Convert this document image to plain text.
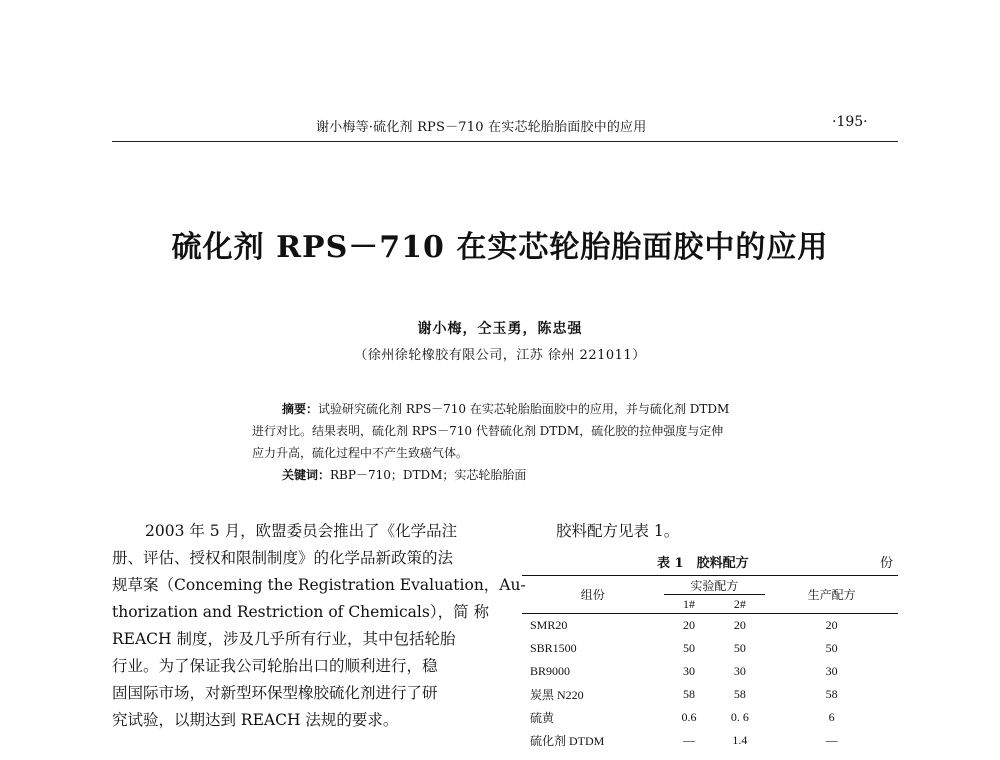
谢小梅等·硫化剂 RPS－710 在实芯轮胎胎面胶中的应用	·195·
硫化剂 RPS－710 在实芯轮胎胎面胶中的应用
谢小梅，仝玉勇，陈忠强
（徐州徐轮橡胶有限公司，江苏 徐州 221011）
摘要：试验研究硫化剂 RPS－710 在实芯轮胎胎面胶中的应用，并与硫化剂 DTDM
进行对比。结果表明，硫化剂 RPS－710 代替硫化剂 DTDM，硫化胶的拉伸强度与定伸
应力升高，硫化过程中不产生致癌气体。
关键词：RBP－710；DTDM；实芯轮胎胎面
2003 年 5 月，欧盟委员会推出了《化学品注
册、评估、授权和限制制度》的化学品新政策的法
规草案（Conceming the Registration Evaluation，Au-
thorization and Restriction of Chemicals），简 称
REACH 制度，涉及几乎所有行业，其中包括轮胎
行业。为了保证我公司轮胎出口的顺利进行，稳
固国际市场，对新型环保型橡胶硫化剂进行了研
究试验，以期达到 REACH 法规的要求。
胶料配方见表 1。
表 1　胶料配方	份
组份	实验配方		生产配方
	1#	2#	
SMR20	20	20	20
SBR1500	50	50	50
BR9000	30	30	30
炭黑 N220	58	58	58
硫黄	0.6	0. 6	6
硫化剂 DTDM	—	1.4	—
